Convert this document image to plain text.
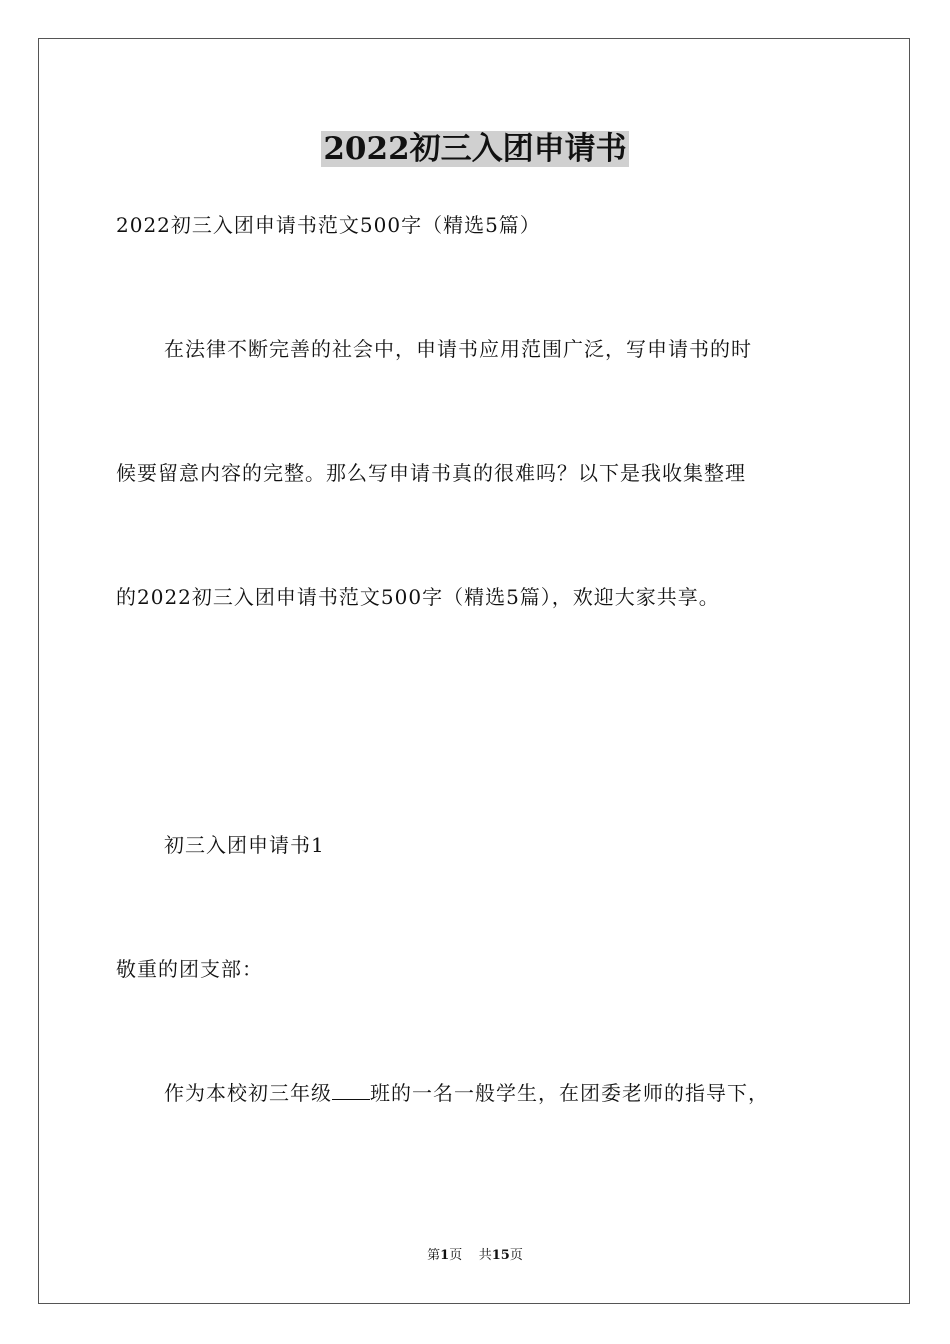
2022初三入团申请书
2022初三入团申请书范文500字（精选5篇）
在法律不断完善的社会中，申请书应用范围广泛，写申请书的时
候要留意内容的完整。那么写申请书真的很难吗？以下是我收集整理
的2022初三入团申请书范文500字（精选5篇），欢迎大家共享。
初三入团申请书1
敬重的团支部：
作为本校初三年级 班的一名一般学生，在团委老师的指导下，
第1页 共15页
